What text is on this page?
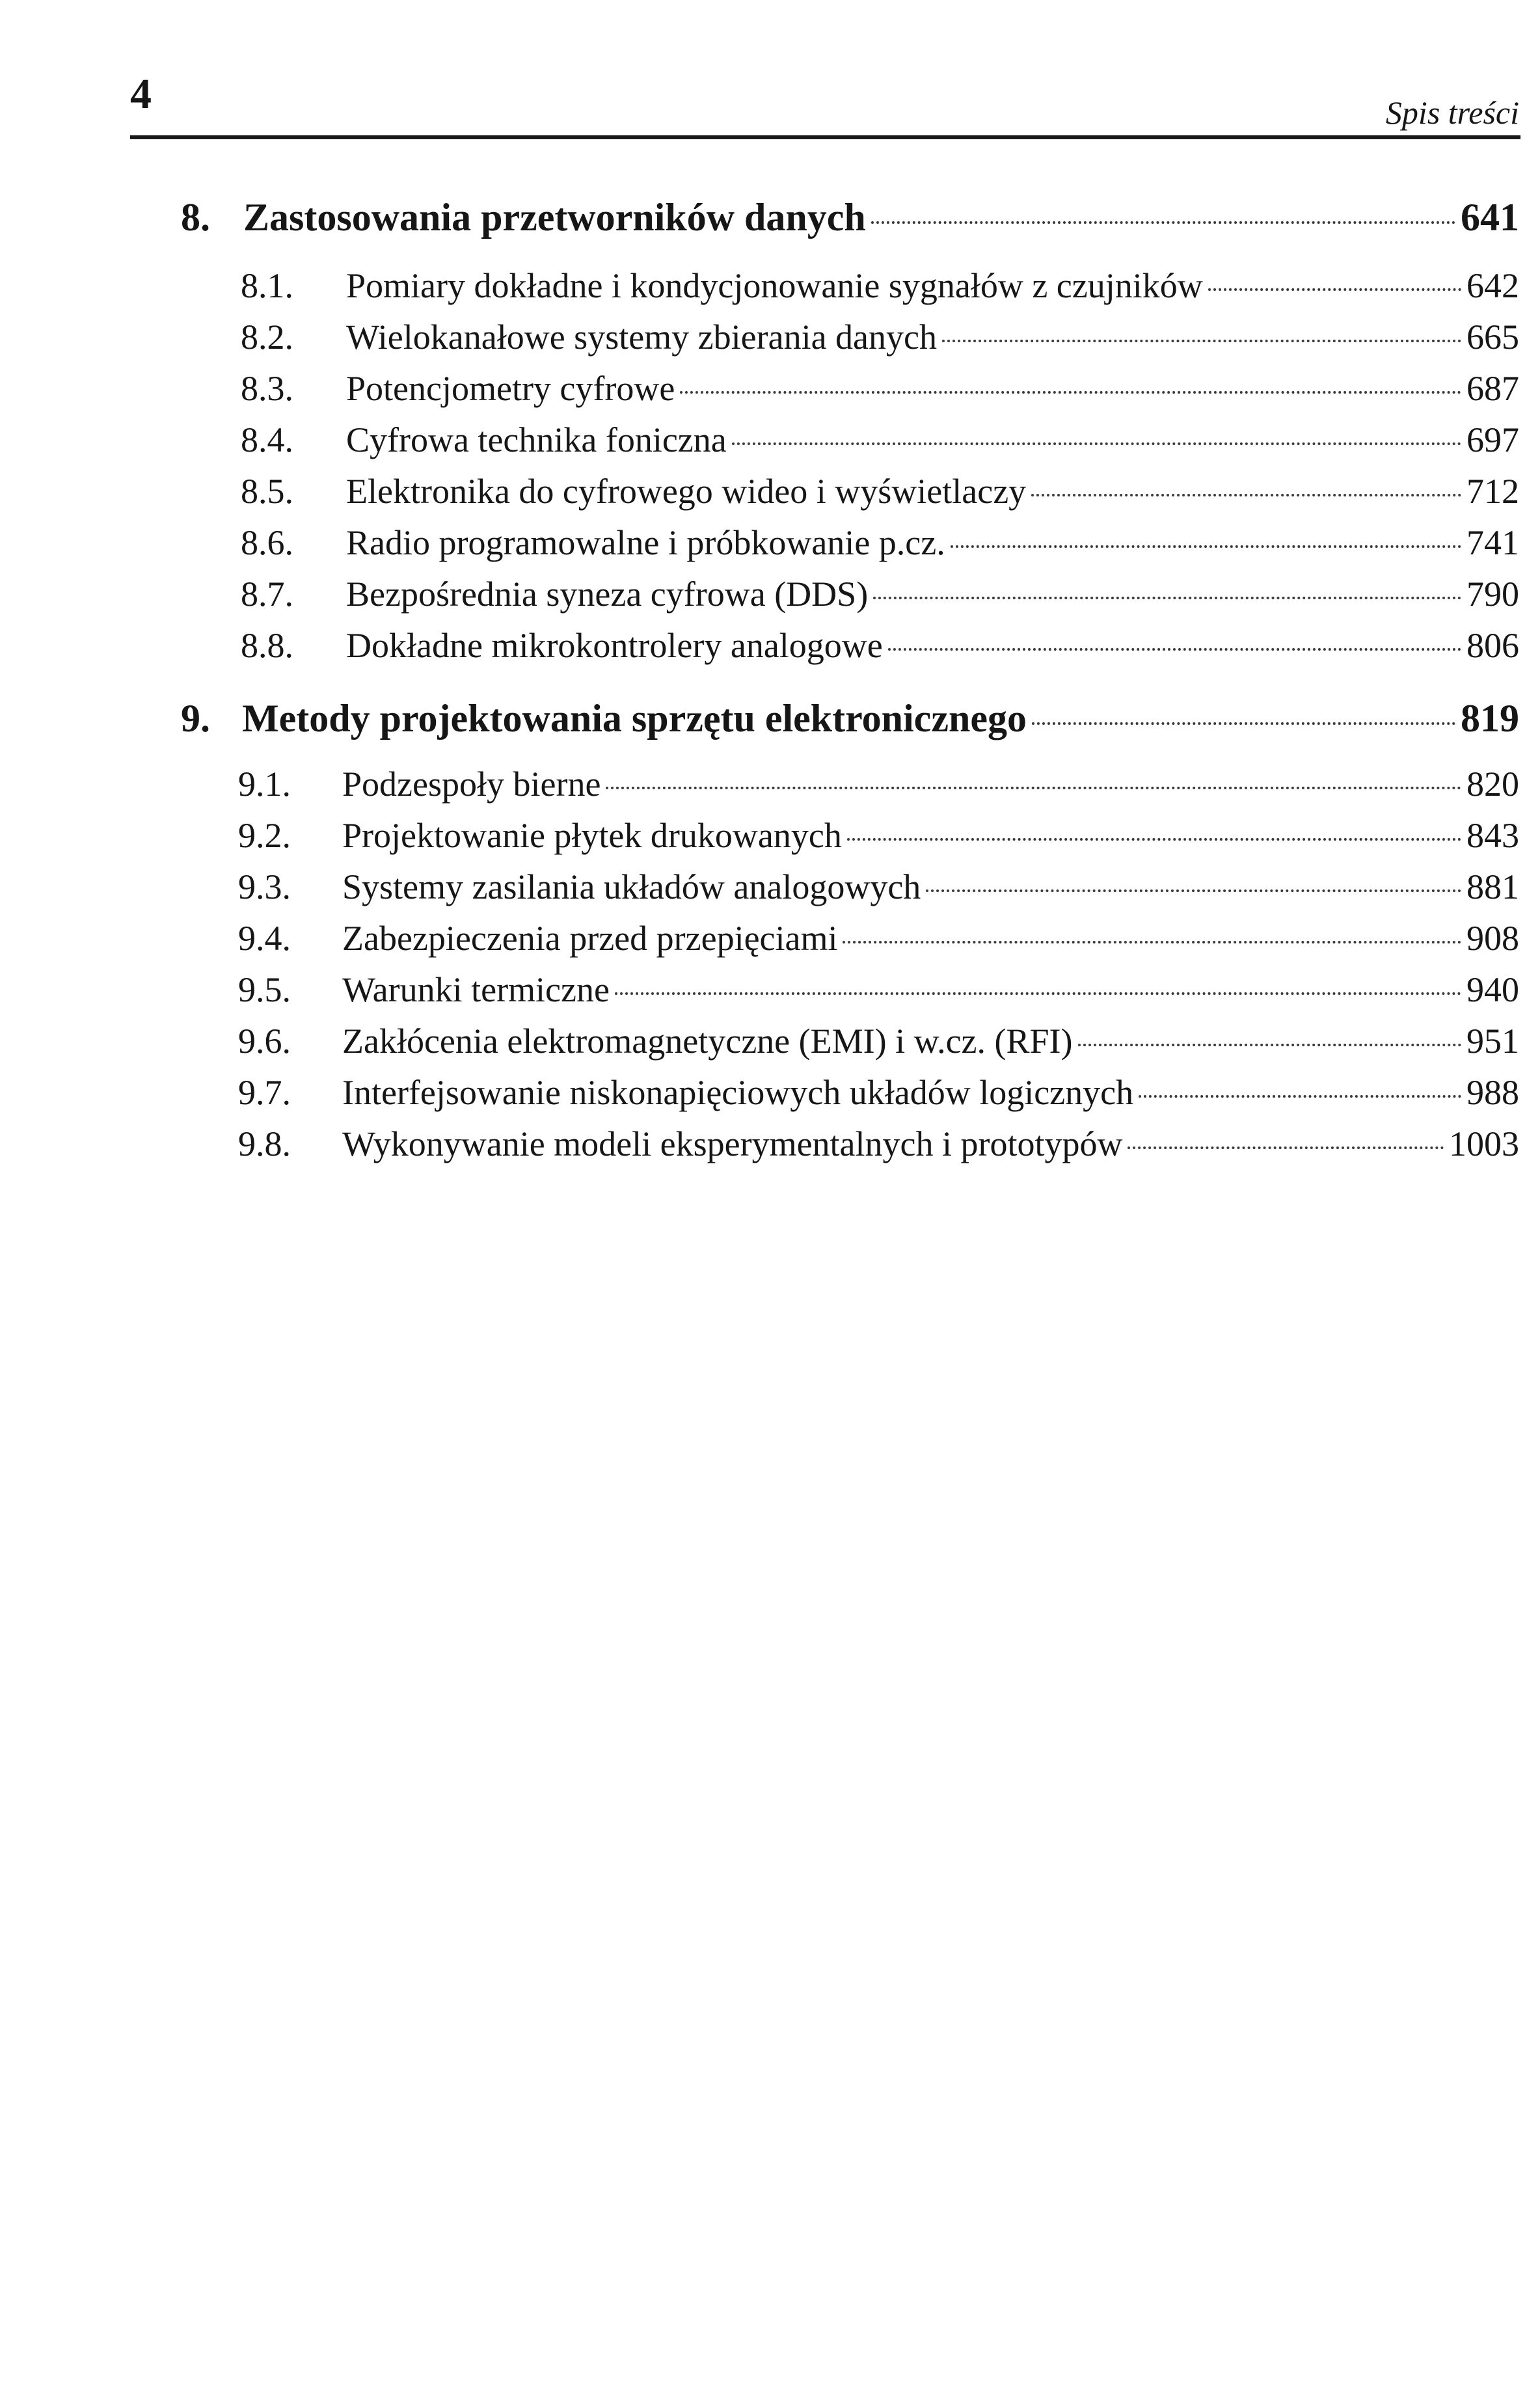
4	Spis treści
8. Zastosowania przetworników danych	641
8.1.	Pomiary dokładne i kondycjonowanie sygnałów z czujników	642
8.2.	Wielokanałowe systemy zbierania danych	665
8.3.	Potencjometry cyfrowe	687
8.4.	Cyfrowa technika foniczna	697
8.5.	Elektronika do cyfrowego wideo i wyświetlaczy	712
8.6.	Radio programowalne i próbkowanie p.cz.	741
8.7.	Bezpośrednia syneza cyfrowa (DDS)	790
8.8.	Dokładne mikrokontrolery analogowe	806
9. Metody projektowania sprzętu elektronicznego	819
9.1.	Podzespoły bierne	820
9.2.	Projektowanie płytek drukowanych	843
9.3.	Systemy zasilania układów analogowych	881
9.4.	Zabezpieczenia przed przepięciami	908
9.5.	Warunki termiczne	940
9.6.	Zakłócenia elektromagnetyczne (EMI) i w.cz. (RFI)	951
9.7.	Interfejsowanie niskonapięciowych układów logicznych	988
9.8.	Wykonywanie modeli eksperymentalnych i prototypów	1003
